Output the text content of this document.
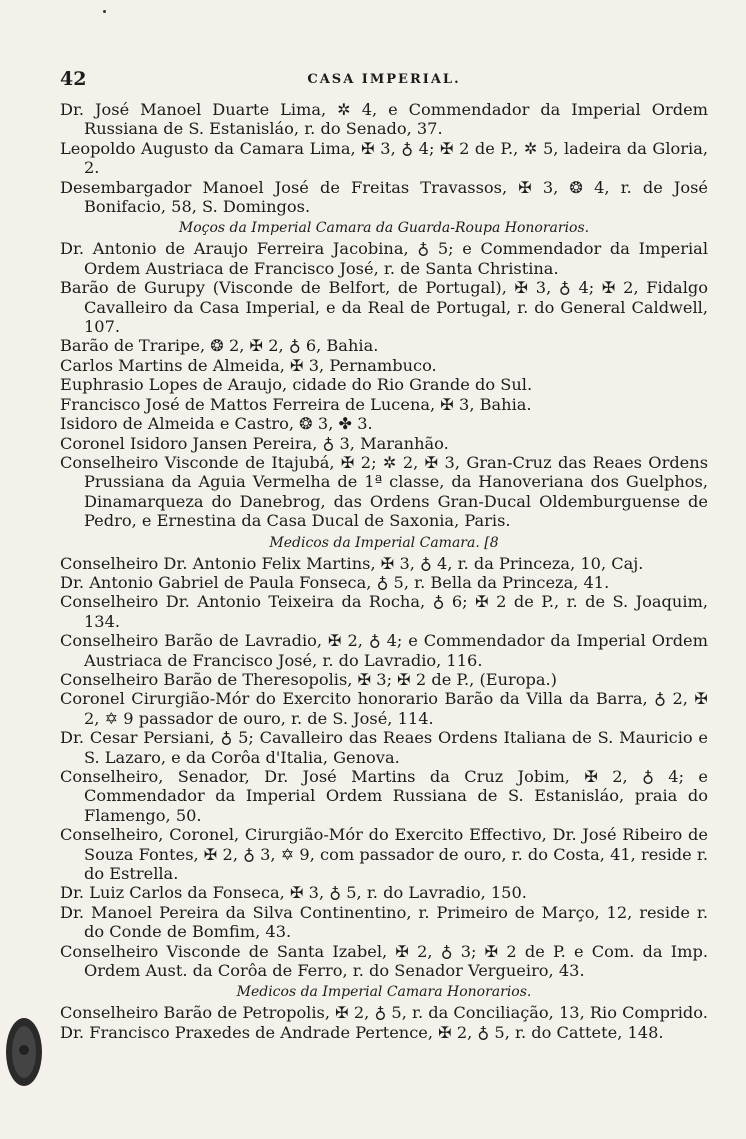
42	CASA IMPERIAL.

Dr. José Manoel Duarte Lima, ✲ 4, e Commendador da Imperial Ordem Russiana de S. Estanisláo, r. do Senado, 37.

Leopoldo Augusto da Camara Lima, ✠ 3, ♁ 4; ✠ 2 de P., ✲ 5, ladeira da Gloria, 2.

Desembargador Manoel José de Freitas Travassos, ✠ 3, ❂ 4, r. de José Bonifacio, 58, S. Domingos.

Moços da Imperial Camara da Guarda-Roupa Honorarios.

Dr. Antonio de Araujo Ferreira Jacobina, ♁ 5; e Commendador da Imperial Ordem Austriaca de Francisco José, r. de Santa Christina.

Barão de Gurupy (Visconde de Belfort, de Portugal), ✠ 3, ♁ 4; ✠ 2, Fidalgo Cavalleiro da Casa Imperial, e da Real de Portugal, r. do General Caldwell, 107.

Barão de Traripe, ❂ 2, ✠ 2, ♁ 6, Bahia.

Carlos Martins de Almeida, ✠ 3, Pernambuco.

Euphrasio Lopes de Araujo, cidade do Rio Grande do Sul.

Francisco José de Mattos Ferreira de Lucena, ✠ 3, Bahia.

Isidoro de Almeida e Castro, ❂ 3, ✤ 3.

Coronel Isidoro Jansen Pereira, ♁ 3, Maranhão.

Conselheiro Visconde de Itajubá, ✠ 2; ✲ 2, ✠ 3, Gran-Cruz das Reaes Ordens Prussiana da Aguia Vermelha de 1ª classe, da Hanoveriana dos Guelphos, Dinamarqueza do Danebrog, das Ordens Gran-Ducal Oldemburguense de Pedro, e Ernestina da Casa Ducal de Saxonia, Paris.

Medicos da Imperial Camara. [8

Conselheiro Dr. Antonio Felix Martins, ✠ 3, ♁ 4, r. da Princeza, 10, Caj.

Dr. Antonio Gabriel de Paula Fonseca, ♁ 5, r. Bella da Princeza, 41.

Conselheiro Dr. Antonio Teixeira da Rocha, ♁ 6; ✠ 2 de P., r. de S. Joaquim, 134.

Conselheiro Barão de Lavradio, ✠ 2, ♁ 4; e Commendador da Imperial Ordem Austriaca de Francisco José, r. do Lavradio, 116.

Conselheiro Barão de Theresopolis, ✠ 3; ✠ 2 de P., (Europa.)

Coronel Cirurgião-Mór do Exercito honorario Barão da Villa da Barra, ♁ 2, ✠ 2, ✡ 9 passador de ouro, r. de S. José, 114.

Dr. Cesar Persiani, ♁ 5; Cavalleiro das Reaes Ordens Italiana de S. Mauricio e S. Lazaro, e da Corôa d'Italia, Genova.

Conselheiro, Senador, Dr. José Martins da Cruz Jobim, ✠ 2, ♁ 4; e Commendador da Imperial Ordem Russiana de S. Estanisláo, praia do Flamengo, 50.

Conselheiro, Coronel, Cirurgião-Mór do Exercito Effectivo, Dr. José Ribeiro de Souza Fontes, ✠ 2, ♁ 3, ✡ 9, com passador de ouro, r. do Costa, 41, reside r. do Estrella.

Dr. Luiz Carlos da Fonseca, ✠ 3, ♁ 5, r. do Lavradio, 150.

Dr. Manoel Pereira da Silva Continentino, r. Primeiro de Março, 12, reside r. do Conde de Bomfim, 43.

Conselheiro Visconde de Santa Izabel, ✠ 2, ♁ 3; ✠ 2 de P. e Com. da Imp. Ordem Aust. da Corôa de Ferro, r. do Senador Vergueiro, 43.

Medicos da Imperial Camara Honorarios.

Conselheiro Barão de Petropolis, ✠ 2, ♁ 5, r. da Conciliação, 13, Rio Comprido.

Dr. Francisco Praxedes de Andrade Pertence, ✠ 2, ♁ 5, r. do Cattete, 148.
